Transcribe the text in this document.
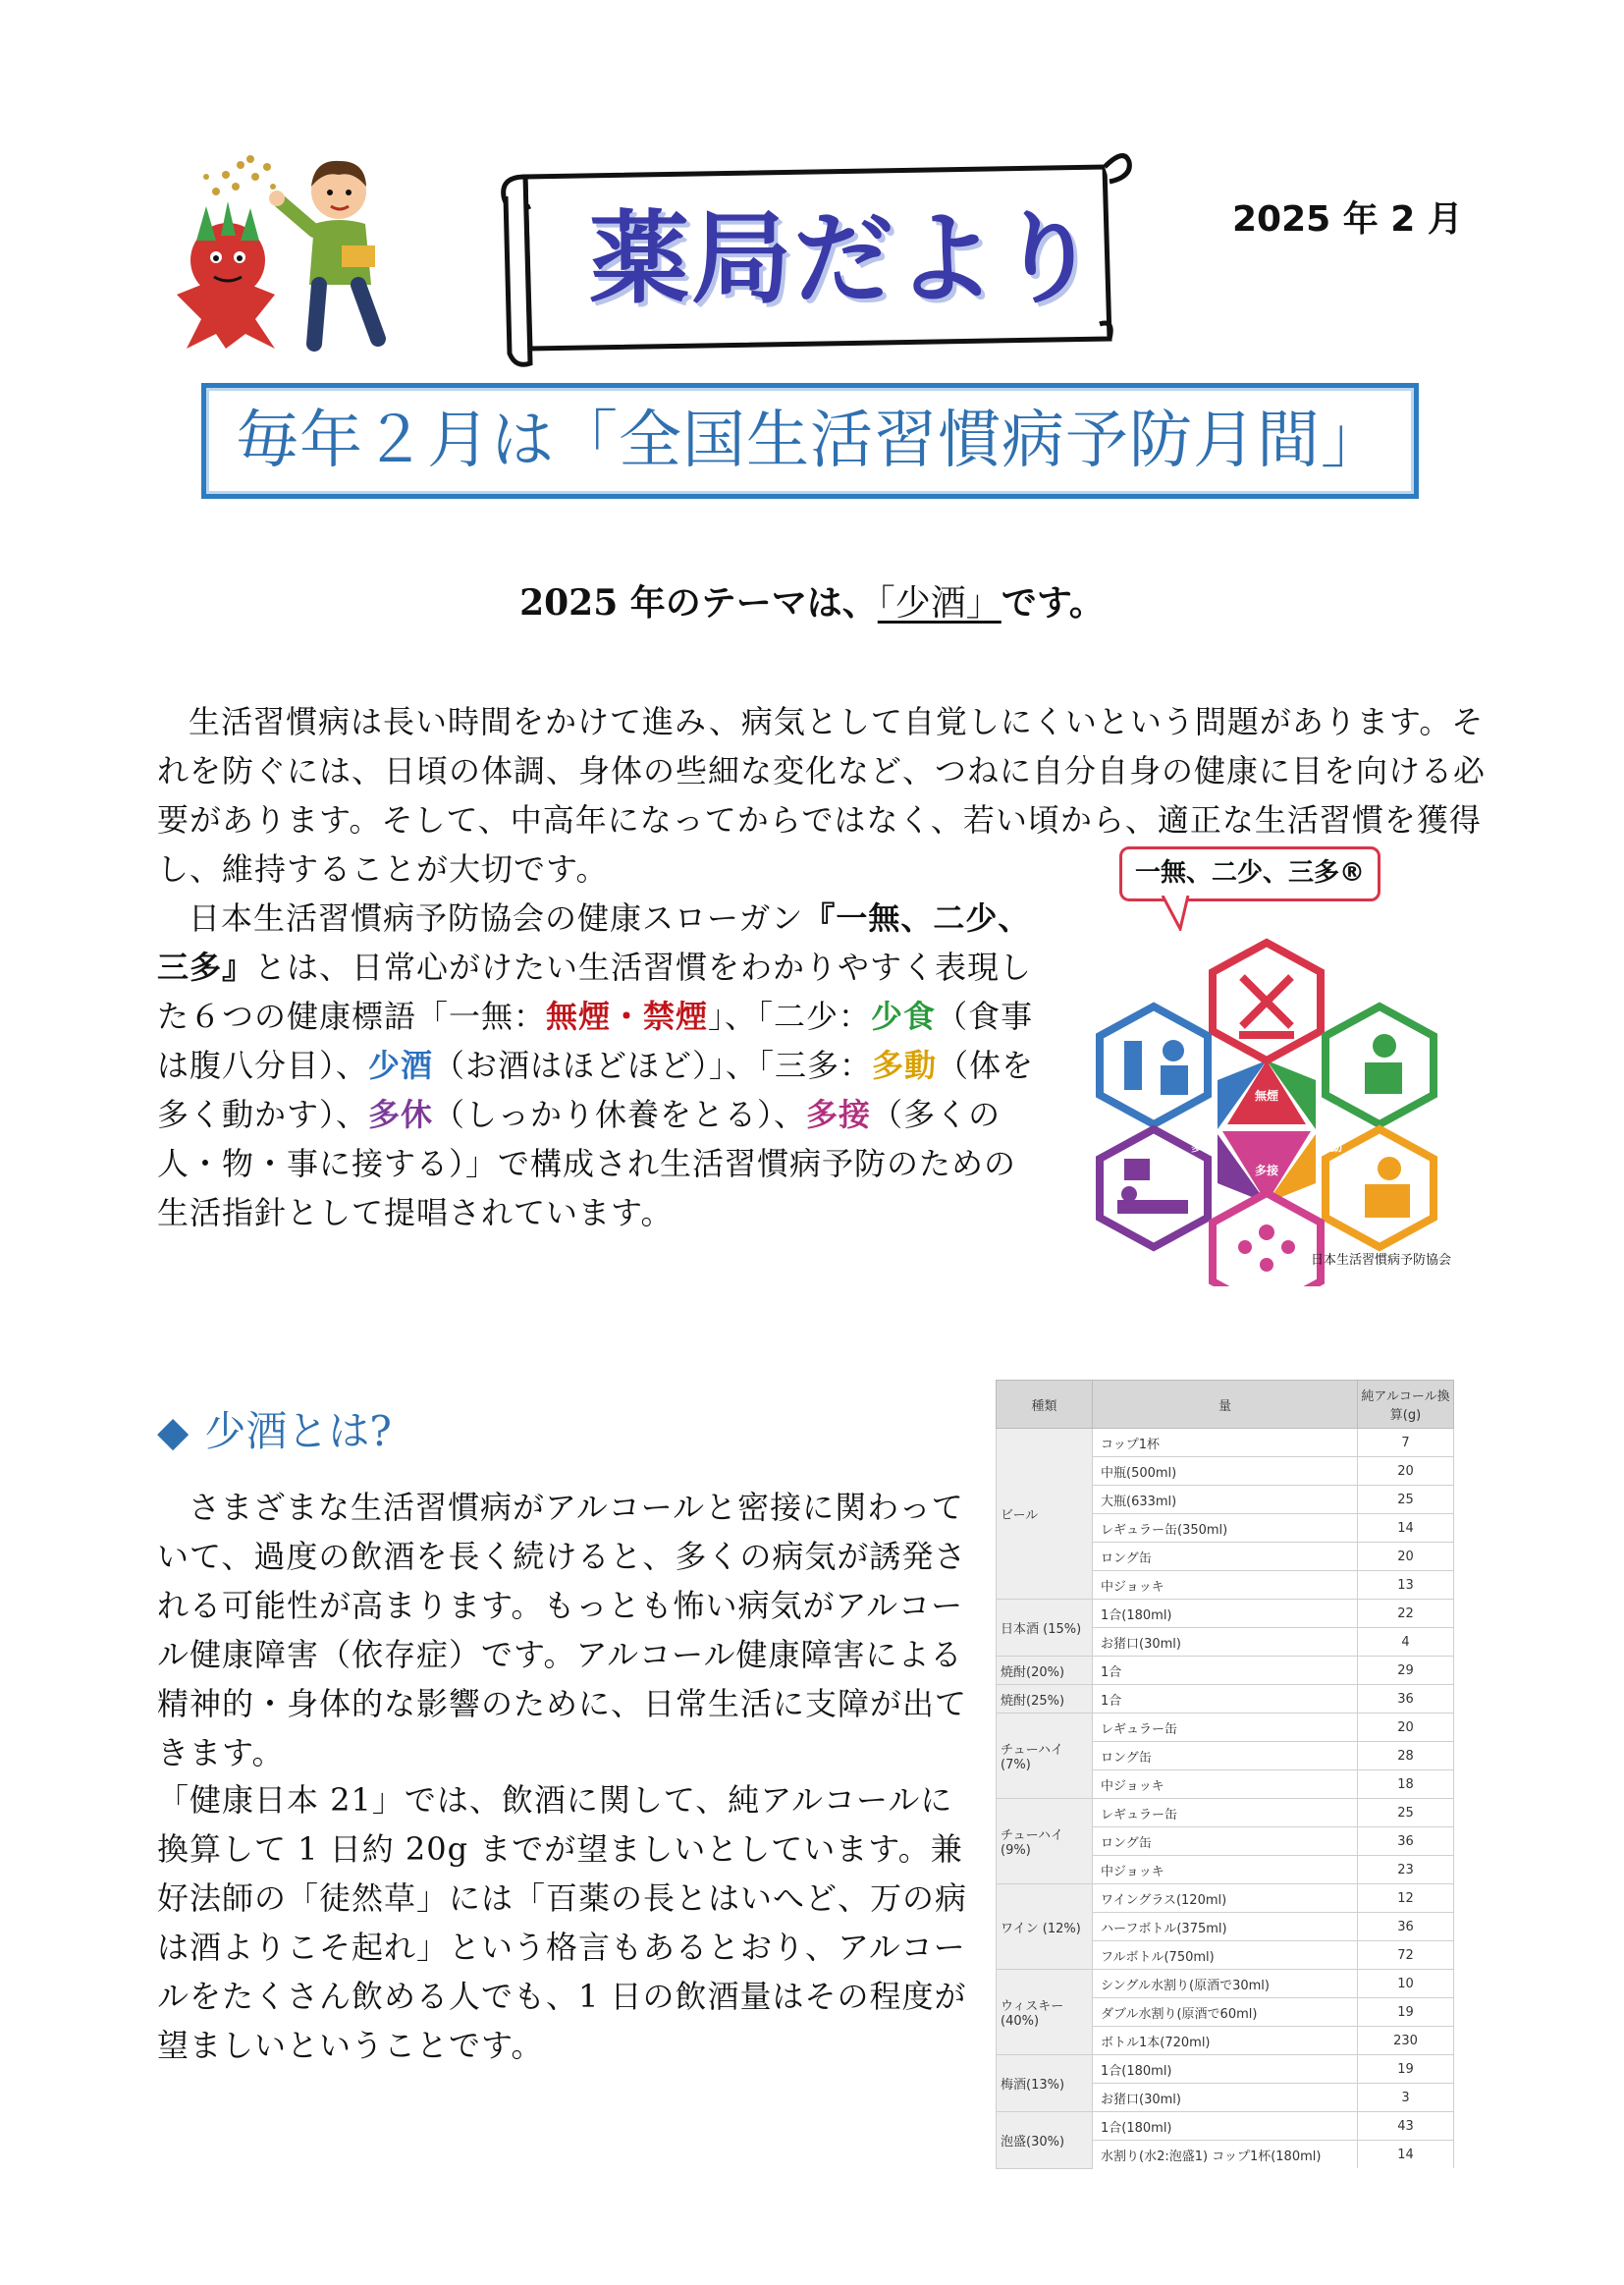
薬局だより	2025 年 2 月
毎年２月は「全国生活習慣病予防月間」
2025 年のテーマは、「少酒」です。
生活習慣病は長い時間をかけて進み、病気として自覚しにくいという問題があります。それを防ぐには、日頃の体調、身体の些細な変化など、つねに自分自身の健康に目を向ける必要があります。そして、中高年になってからではなく、若い頃から、適正な生活習慣を獲得し、維持することが大切です。
日本生活習慣病予防協会の健康スローガン『一無、二少、三多』とは、日常心がけたい生活習慣をわかりやすく表現した６つの健康標語「一無：無煙・禁煙」、「二少：少食（食事は腹八分目）、少酒（お酒はほどほど）」、「三多：多動（体を多く動かす）、多休（しっかり休養をとる）、多接（多くの人・物・事に接する）」で構成され生活習慣病予防のための生活指針として提唱されています。
一無、二少、三多®
無煙
少酒	少食
多休	多動
多接
日本生活習慣病予防協会
◆ 少酒とは?
さまざまな生活習慣病がアルコールと密接に関わっていて、過度の飲酒を長く続けると、多くの病気が誘発される可能性が高まります。もっとも怖い病気がアルコール健康障害（依存症）です。アルコール健康障害による精神的・身体的な影響のために、日常生活に支障が出てきます。
「健康日本 21」では、飲酒に関して、純アルコールに換算して 1 日約 20g までが望ましいとしています。兼好法師の「徒然草」には「百薬の長とはいへど、万の病は酒よりこそ起れ」という格言もあるとおり、アルコールをたくさん飲める人でも、1 日の飲酒量はその程度が望ましいということです。
種類	量	純アルコール換算(g)
ビール	コップ1杯	7
	中瓶(500ml)	20
	大瓶(633ml)	25
	レギュラー缶(350ml)	14
	ロング缶	20
	中ジョッキ	13
日本酒 (15%)	1合(180ml)	22
	お猪口(30ml)	4
焼酎(20%)	1合	29
焼酎(25%)	1合	36
チューハイ (7%)	レギュラー缶	20
	ロング缶	28
	中ジョッキ	18
チューハイ (9%)	レギュラー缶	25
	ロング缶	36
	中ジョッキ	23
ワイン (12%)	ワイングラス(120ml)	12
	ハーフボトル(375ml)	36
	フルボトル(750ml)	72
ウィスキー (40%)	シングル水割り(原酒で30ml)	10
	ダブル水割り(原酒で60ml)	19
	ボトル1本(720ml)	230
梅酒(13%)	1合(180ml)	19
	お猪口(30ml)	3
泡盛(30%)	1合(180ml)	43
	水割り(水2:泡盛1) コップ1杯(180ml)	14
